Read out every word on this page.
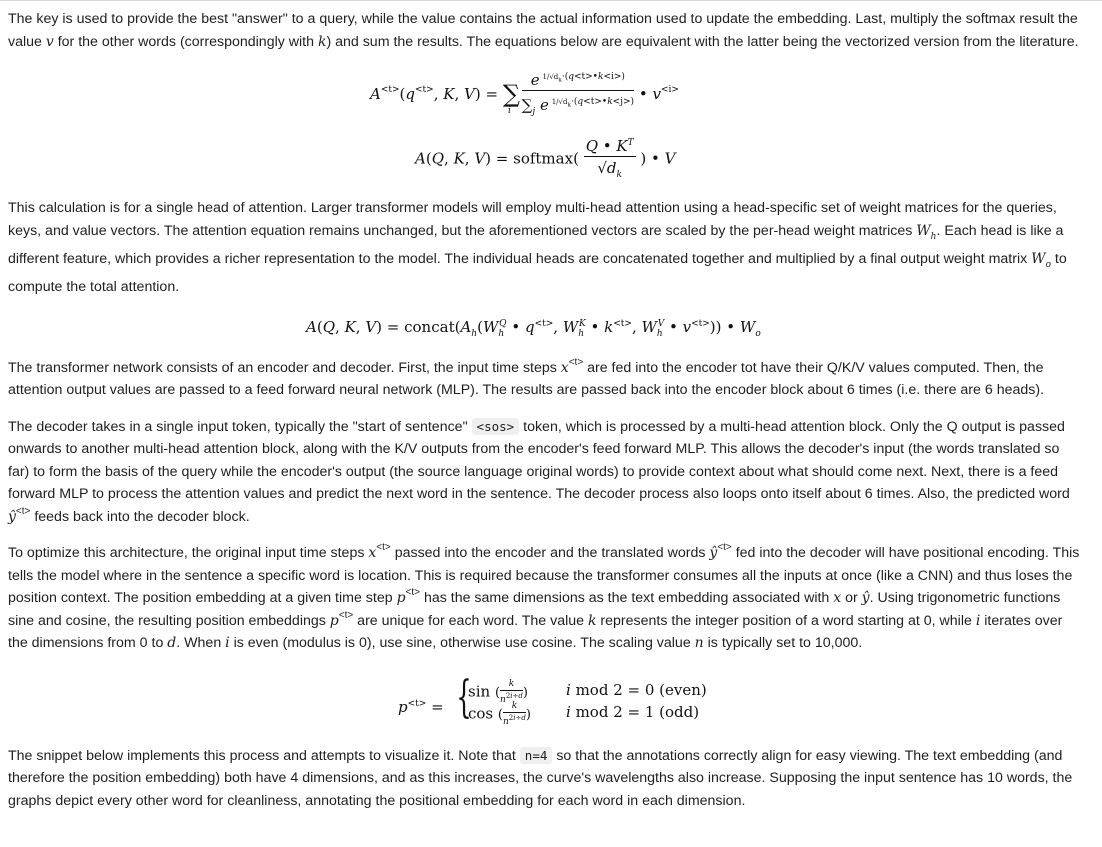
The key is used to provide the best "answer" to a query, while the value contains the actual information used to update the embedding. Last, multiply the softmax result the value v for the other words (correspondingly with k) and sum the results. The equations below are equivalent with the latter being the vectorized version from the literature.

$A^{<t>}(q^{<t>}$, K, $V) = \sum_i \frac{e ^{1/√d_k\cdot(q<t>•k<i>)}}{\sum_j e ^{1/√d_k\cdot(q<t>•k<j>)}}$ • $v^{<i>}$
A(Q, K, V) = softmax( $\frac{Q • K^T}{√d_k}$ ) • V

This calculation is for a single head of attention. Larger transformer models will employ multi-head attention using a head-specific set of weight matrices for the queries, keys, and value vectors. The attention equation remains unchanged, but the aforementioned vectors are scaled by the per-head weight matrices $W_h$. Each head is like a different feature, which provides a richer representation to the model. The individual heads are concatenated together and multiplied by a final output weight matrix $W_o$ to compute the total attention.

A(Q, K, $V) = concat(A_h(W_h^Q$ • $q^{<t>}$, $W_h^K$ • $k^{<t>}$, $W_h^V$ • $v^{<t>}$)) • $W_o$

The transformer network consists of an encoder and decoder. First, the input time steps $x^{<t>}$ are fed into the encoder tot have their Q/K/V values computed. Then, the attention output values are passed to a feed forward neural network (MLP). The results are passed back into the encoder block about 6 times (i.e. there are 6 heads).

The decoder takes in a single input token, typically the "start of sentence" <sos> token, which is processed by a multi-head attention block. Only the Q output is passed onwards to another multi-head attention block, along with the K/V outputs from the encoder's feed forward MLP. This allows the decoder's input (the words translated so far) to form the basis of the query while the encoder's output (the source language original words) to provide context about what should come next. Next, there is a feed forward MLP to process the attention values and predict the next word in the sentence. The decoder process also loops onto itself about 6 times. Also, the predicted word $ŷ^{<t>}$ feeds back into the decoder block.

To optimize this architecture, the original input time steps $x^{<t>}$ passed into the encoder and the translated words $ŷ^{<t>}$ fed into the decoder will have positional encoding. This tells the model where in the sentence a specific word is location. This is required because the transformer consumes all the inputs at once (like a CNN) and thus loses the position context. The position embedding at a given time step $p^{<t>}$ has the same dimensions as the text embedding associated with x or ŷ. Using trigonometric functions sine and cosine, the resulting position embeddings $p^{<t>}$ are unique for each word. The value k represents the integer position of a word starting at 0, while i iterates over the dimensions from 0 to d. When i is even (modulus is 0), use sine, otherwise use cosine. The scaling value n is typically set to 10,000.

$p^{<t>}$ = {
sin ( $\frac{k}{n^{2i\div d}}$ )
cos ( $\frac{k}{n^{2i\div d}}$ )
i mod 2 = 0 (even)
i mod 2 = 1 (odd)

The snippet below implements this process and attempts to visualize it. Note that n=4 so that the annotations correctly align for easy viewing. The text embedding (and therefore the position embedding) both have 4 dimensions, and as this increases, the curve's wavelengths also increase. Supposing the input sentence has 10 words, the graphs depict every other word for cleanliness, annotating the positional embedding for each word in each dimension.
